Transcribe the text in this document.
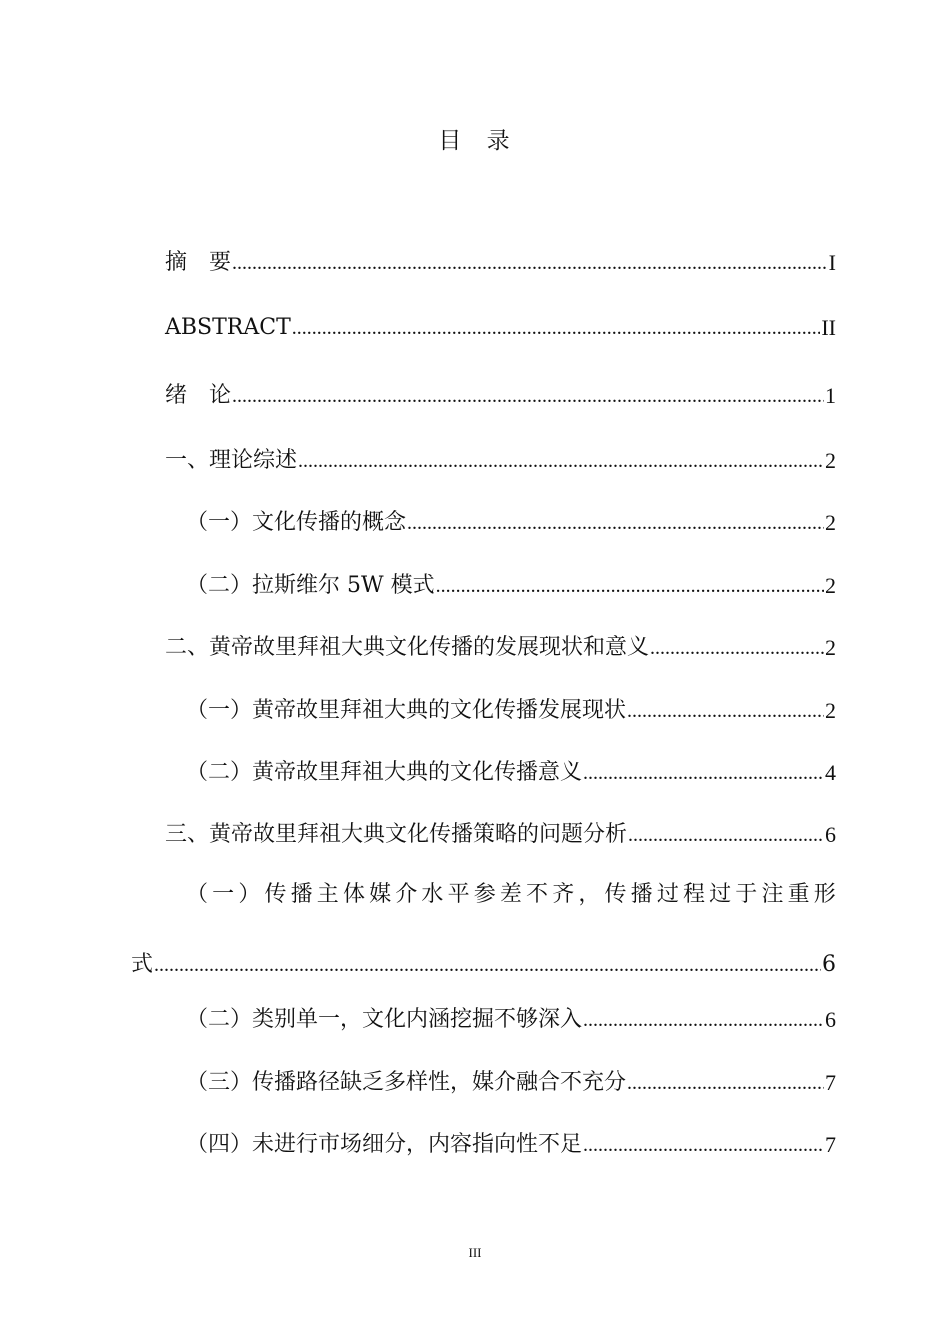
目 录
摘　要 .....	I
ABSTRACT .....	II
绪　论 .....	1
一、理论综述 .....	2
（一）文化传播的概念 .....	2
（二）拉斯维尔 5W 模式 .....	2
二、黄帝故里拜祖大典文化传播的发展现状和意义 .....	2
（一）黄帝故里拜祖大典的文化传播发展现状 .....	2
（二）黄帝故里拜祖大典的文化传播意义 .....	4
三、黄帝故里拜祖大典文化传播策略的问题分析 .....	6
（ 一 ） 传 播 主 体 媒 介 水 平 参 差 不 齐 ， 传 播 过 程 过 于 注 重 形
式 .....	6
（二）类别单一，文化内涵挖掘不够深入 .....	6
（三）传播路径缺乏多样性，媒介融合不充分 .....	7
（四）未进行市场细分，内容指向性不足 .....	7
III
